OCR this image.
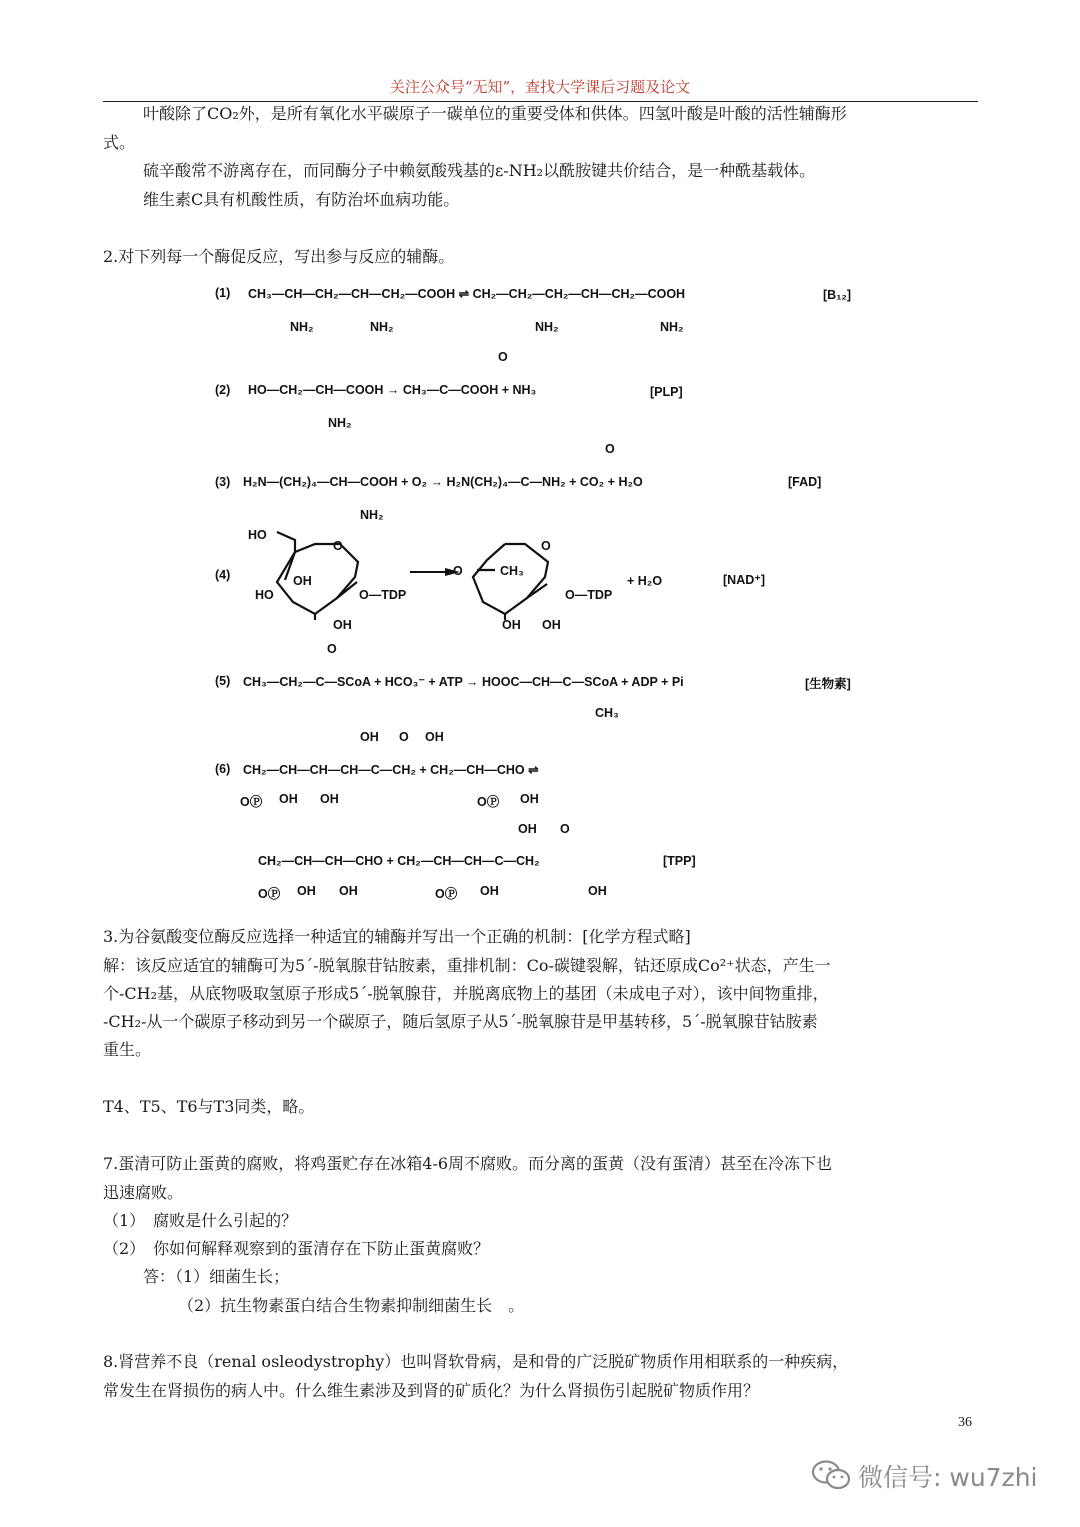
关注公众号“无知”，查找大学课后习题及论文
叶酸除了CO₂外，是所有氧化水平碳原子一碳单位的重要受体和供体。四氢叶酸是叶酸的活性辅酶形
式。
硫辛酸常不游离存在，而同酶分子中赖氨酸残基的ε-NH₂以酰胺键共价结合，是一种酰基载体。
维生素C具有机酸性质，有防治坏血病功能。
2.对下列每一个酶促反应，写出参与反应的辅酶。
(1) CH₃—CH—CH₂—CH—CH₂—COOH ⇌ CH₂—CH₂—CH₂—CH—CH₂—COOH
NH₂	NH₂	NH₂	NH₂
[B₁₂]
O
(2) HO—CH₂—CH—COOH → CH₃—C—COOH + NH₃
NH₂
[PLP]
O
(3) H₂N—(CH₂)₄—CH—COOH + O₂ → H₂N(CH₂)₄—C—NH₂ + CO₂ + H₂O
NH₂
[FAD]
(4)
HO
O
OH
HO	O—TDP
OH
O
O
CH₃
O—TDP
OH OH
+ H₂O	[NAD⁺]
O
(5) CH₃—CH₂—C—SCoA + HCO₃⁻ + ATP → HOOC—CH—C—SCoA + ADP + Pi
CH₃
[生物素]
OH O OH
(6) CH₂—CH—CH—CH—C—CH₂ + CH₂—CH—CHO ⇌
OⓅ OH OH	OⓅ OH
OH O
CH₂—CH—CH—CHO + CH₂—CH—CH—C—CH₂
OⓅ OH OH	OⓅ OH	OH
[TPP]
3.为谷氨酸变位酶反应选择一种适宜的辅酶并写出一个正确的机制：[化学方程式略]
解：该反应适宜的辅酶可为5´-脱氧腺苷钴胺素，重排机制：Co-碳键裂解，钴还原成Co²⁺状态，产生一
个-CH₂基，从底物吸取氢原子形成5´-脱氧腺苷，并脱离底物上的基团（未成电子对），该中间物重排，
-CH₂-从一个碳原子移动到另一个碳原子，随后氢原子从5´-脱氧腺苷是甲基转移，5´-脱氧腺苷钴胺素
重生。
T4、T5、T6与T3同类，略。
7.蛋清可防止蛋黄的腐败，将鸡蛋贮存在冰箱4-6周不腐败。而分离的蛋黄（没有蛋清）甚至在冷冻下也
迅速腐败。
（1）　腐败是什么引起的？
（2）　你如何解释观察到的蛋清存在下防止蛋黄腐败？
答：（1）细菌生长；
（2）抗生物素蛋白结合生物素抑制细菌生长　。
8.肾营养不良（renal osleodystrophy）也叫肾软骨病，是和骨的广泛脱矿物质作用相联系的一种疾病，
常发生在肾损伤的病人中。什么维生素涉及到肾的矿质化？为什么肾损伤引起脱矿物质作用？
36
微信号: wu7zhi
